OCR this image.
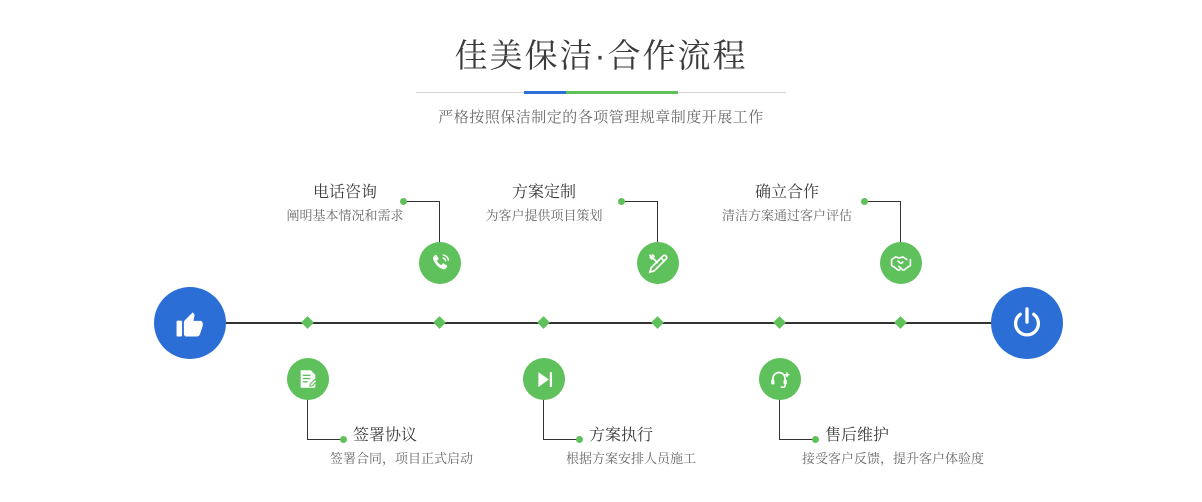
佳美保洁·合作流程
严格按照保洁制定的各项管理规章制度开展工作
电话咨询
阐明基本情况和需求
方案定制
为客户提供项目策划
确立合作
清洁方案通过客户评估
签署协议
签署合同，项目正式启动
方案执行
根据方案安排人员施工
售后维护
接受客户反馈，提升客户体验度
